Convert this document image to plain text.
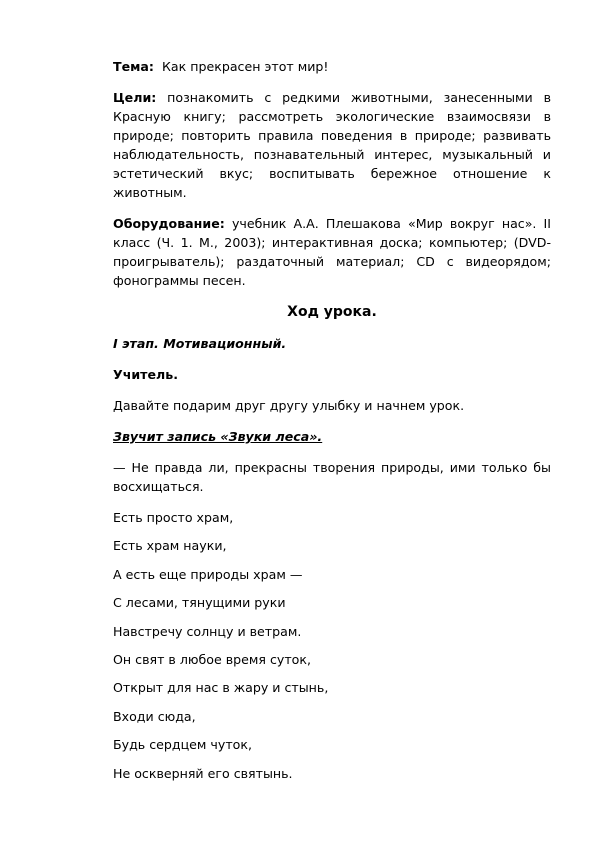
Тема: Как прекрасен этот мир!

Цели: познакомить с редкими животными, занесенными в Красную книгу; рассмотреть экологические взаимосвязи в природе; повторить правила поведения в природе; развивать наблюдательность, познавательный интерес, музыкальный и эстетический вкус; воспитывать бережное отношение к животным.

Оборудование: учебник А.А. Плешакова «Мир вокруг нас». II класс (Ч. 1. М., 2003); интерактивная доска; компьютер; (DVD-проигрыватель); раздаточный материал; CD с видеорядом; фонограммы песен.

Ход урока.

I этап. Мотивационный.

Учитель.

Давайте подарим друг другу улыбку и начнем урок.

Звучит запись «Звуки леса».

— Не правда ли, прекрасны творения природы, ими только бы восхищаться.

Есть просто храм,

Есть храм науки,

А есть еще природы храм —

С лесами, тянущими руки

Навстречу солнцу и ветрам.

Он свят в любое время суток,

Открыт для нас в жару и стынь,

Входи сюда,

Будь сердцем чуток,

Не оскверняй его святынь.
